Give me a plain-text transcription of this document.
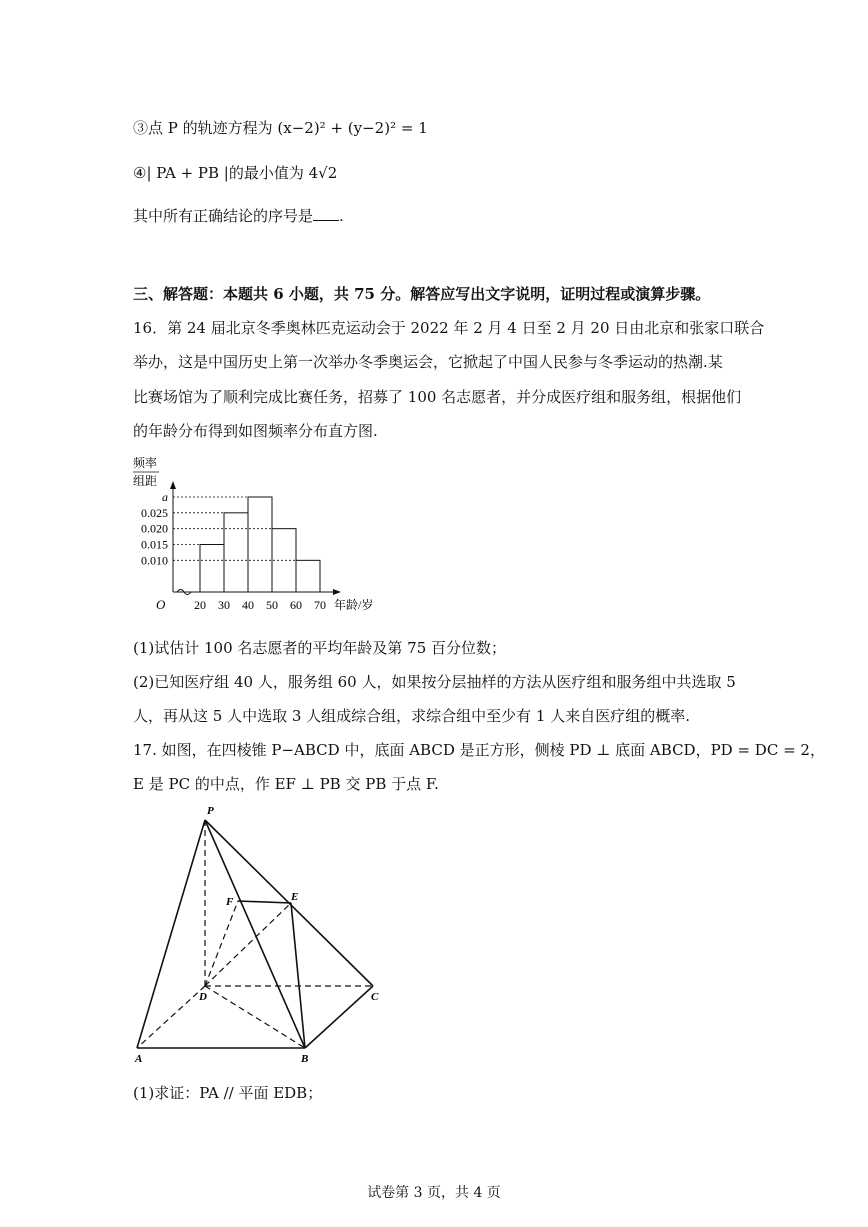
③点 P 的轨迹方程为 (x−2)² + (y−2)² = 1
④| PA + PB |的最小值为 4√2
其中所有正确结论的序号是 .
三、解答题：本题共 6 小题，共 75 分。解答应写出文字说明，证明过程或演算步骤。
16．第 24 届北京冬季奥林匹克运动会于 2022 年 2 月 4 日至 2 月 20 日由北京和张家口联合
举办，这是中国历史上第一次举办冬季奥运会，它掀起了中国人民参与冬季运动的热潮.某
比赛场馆为了顺利完成比赛任务，招募了 100 名志愿者，并分成医疗组和服务组，根据他们
的年龄分布得到如图频率分布直方图.
频率
组距
a
0.025
0.020
0.015
0.010
20 30 40 50 60 70 年龄/岁
O
(1)试估计 100 名志愿者的平均年龄及第 75 百分位数；
(2)已知医疗组 40 人，服务组 60 人，如果按分层抽样的方法从医疗组和服务组中共选取 5
人，再从这 5 人中选取 3 人组成综合组，求综合组中至少有 1 人来自医疗组的概率.
17. 如图，在四棱锥 P−ABCD 中，底面 ABCD 是正方形，侧棱 PD ⊥ 底面 ABCD，PD = DC = 2，
E 是 PC 的中点，作 EF ⊥ PB 交 PB 于点 F.
P
F	E
D	C
A	B
(1)求证：PA // 平面 EDB；
试卷第 3 页，共 4 页
